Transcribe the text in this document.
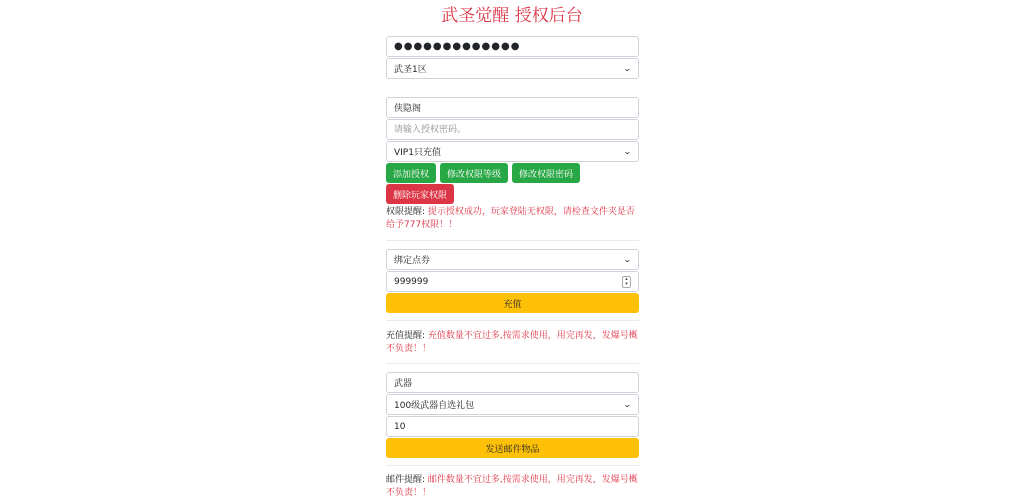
武圣觉醒 授权后台
●●●●●●●●●●●●●
武圣1区	⌄
侠隐阁
请输入授权密码。
VIP1只充值	⌄
添加授权	修改权限等级	修改权限密码
删除玩家权限

权限提醒: 提示授权成功，玩家登陆无权限，请检查文件夹是否给予777权限！！

绑定点券	⌄
999999	▴
▾
充值

充值提醒: 充值数量不宜过多,按需求使用，用完再发，发爆号概不负责！！

武器
100级武器自选礼包	⌄
10
发送邮件物品

邮件提醒: 邮件数量不宜过多,按需求使用，用完再发，发爆号概不负责！！
